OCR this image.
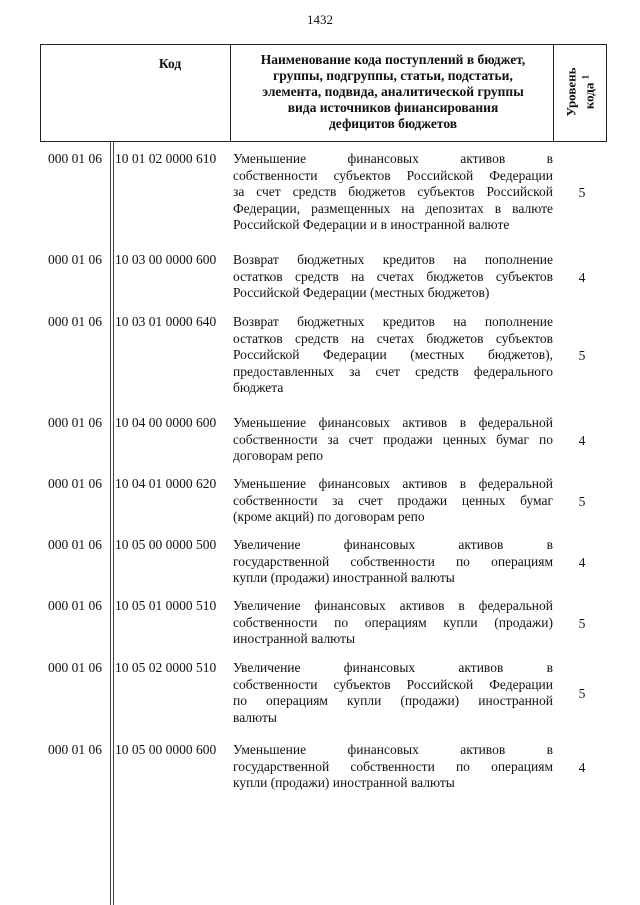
1432
Код	Наименование кода поступлений в бюджет,
группы, подгруппы, статьи, подстатьи,
элемента, подвида, аналитической группы
вида источников финансирования
дефицитов бюджетов
Уровень кода $^1$
000 01 06 10 01 02 0000 610 Уменьшение финансовых активов в
собственности субъектов Российской Федерации
за счет средств бюджетов субъектов Российской
Федерации, размещенных на депозитах в валюте
Российской Федерации и в иностранной валюте
5
000 01 06 10 03 00 0000 600 Возврат бюджетных кредитов на пополнение
остатков средств на счетах бюджетов субъектов
Российской Федерации (местных бюджетов)
4
000 01 06 10 03 01 0000 640 Возврат бюджетных кредитов на пополнение
остатков средств на счетах бюджетов субъектов
Российской Федерации (местных бюджетов),
предоставленных за счет средств федерального
бюджета
5
000 01 06 10 04 00 0000 600 Уменьшение финансовых активов в федеральной
собственности за счет продажи ценных бумаг по
договорам репо
4
000 01 06 10 04 01 0000 620 Уменьшение финансовых активов в федеральной
собственности за счет продажи ценных бумаг
(кроме акций) по договорам репо
5
000 01 06 10 05 00 0000 500 Увеличение финансовых активов в
государственной собственности по операциям
купли (продажи) иностранной валюты
4
000 01 06 10 05 01 0000 510 Увеличение финансовых активов в федеральной
собственности по операциям купли (продажи)
иностранной валюты
5
000 01 06 10 05 02 0000 510 Увеличение финансовых активов в
собственности субъектов Российской Федерации
по операциям купли (продажи) иностранной
валюты
5
000 01 06 10 05 00 0000 600 Уменьшение финансовых активов в
государственной собственности по операциям
купли (продажи) иностранной валюты
4
